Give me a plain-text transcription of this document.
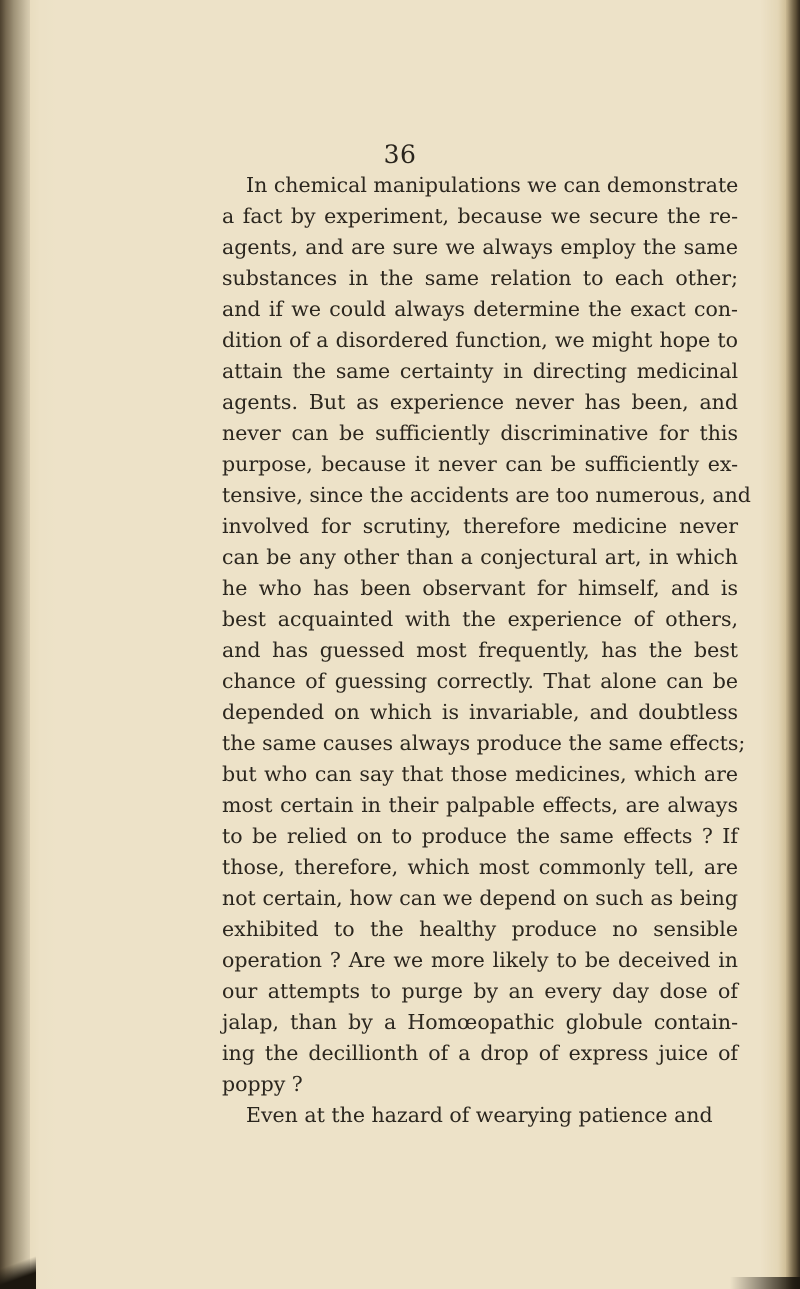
36
In chemical manipulations we can demonstrate
a fact by experiment, because we secure the re-
agents, and are sure we always employ the same
substances in the same relation to each other;
and if we could always determine the exact con-
dition of a disordered function, we might hope to
attain the same certainty in directing medicinal
agents. But as experience never has been, and
never can be sufficiently discriminative for this
purpose, because it never can be sufficiently ex-
tensive, since the accidents are too numerous, and
involved for scrutiny, therefore medicine never
can be any other than a conjectural art, in which
he who has been observant for himself, and is
best acquainted with the experience of others,
and has guessed most frequently, has the best
chance of guessing correctly. That alone can be
depended on which is invariable, and doubtless
the same causes always produce the same effects;
but who can say that those medicines, which are
most certain in their palpable effects, are always
to be relied on to produce the same effects ? If
those, therefore, which most commonly tell, are
not certain, how can we depend on such as being
exhibited to the healthy produce no sensible
operation ? Are we more likely to be deceived in
our attempts to purge by an every day dose of
jalap, than by a Homœopathic globule contain-
ing the decillionth of a drop of express juice of
poppy ?
Even at the hazard of wearying patience and
